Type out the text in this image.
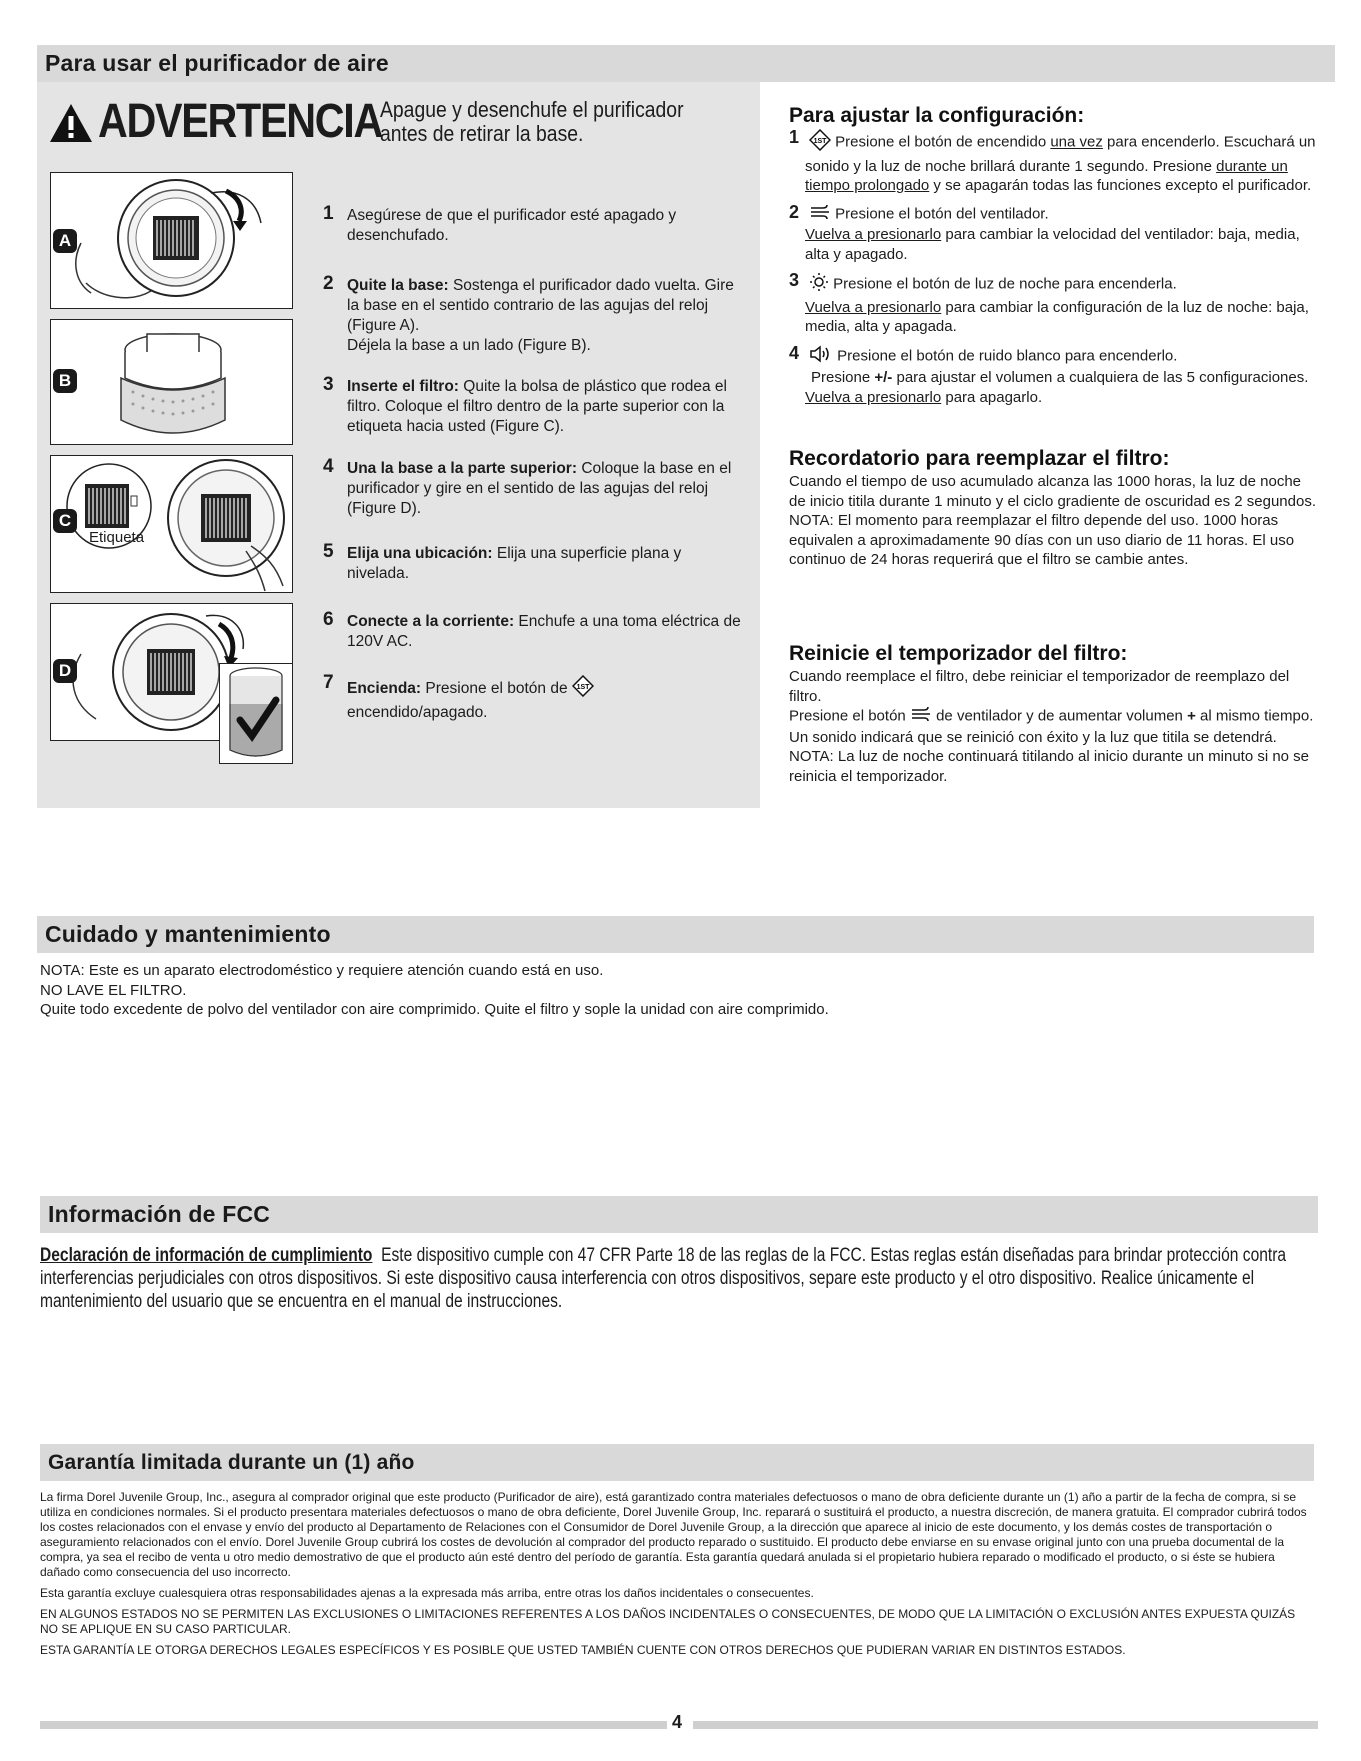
Para usar el purificador de aire
ADVERTENCIA
Apague y desenchufe el purificador antes de retirar la base.
A
B
C
Etiqueta
D
1 Asegúrese de que el purificador esté apagado y desenchufado.
2 Quite la base: Sostenga el purificador dado vuelta. Gire la base en el sentido contrario de las agujas del reloj (Figure A).
Déjela la base a un lado (Figure B).
3 Inserte el filtro: Quite la bolsa de plástico que rodea el filtro. Coloque el filtro dentro de la parte superior con la etiqueta hacia usted (Figure C).
4 Una la base a la parte superior: Coloque la base en el purificador y gire en el sentido de las agujas del reloj (Figure D).
5 Elija una ubicación: Elija una superficie plana y nivelada.
6 Conecte a la corriente: Enchufe a una toma eléctrica de 120V AC.
7 Encienda: Presione el botón de 1ST

encendido/apagado.
Para ajustar la configuración:
1 1ST Presione el botón de encendido una vez para encenderlo. Escuchará un sonido y la luz de noche brillará durante 1 segundo. Presione durante un tiempo prolongado y se apagarán todas las funciones excepto el purificador.
2 Presione el botón del ventilador.
Vuelva a presionarlo para cambiar la velocidad del ventilador: baja, media, alta y apagado.
3 Presione el botón de luz de noche para encenderla.
Vuelva a presionarlo para cambiar la configuración de la luz de noche: baja, media, alta y apagada.
4 Presione el botón de ruido blanco para encenderlo.
Presione +/- para ajustar el volumen a cualquiera de las 5 configuraciones. Vuelva a presionarlo para apagarlo.
Recordatorio para reemplazar el filtro:
Cuando el tiempo de uso acumulado alcanza las 1000 horas, la luz de noche de inicio titila durante 1 minuto y el ciclo gradiente de oscuridad es 2 segundos.
NOTA: El momento para reemplazar el filtro depende del uso. 1000 horas equivalen a aproximadamente 90 días con un uso diario de 11 horas. El uso continuo de 24 horas requerirá que el filtro se cambie antes.
Reinicie el temporizador del filtro:
Cuando reemplace el filtro, debe reiniciar el temporizador de reemplazo del filtro.
Presione el botón  de ventilador y de aumentar volumen + al mismo tiempo. Un sonido indicará que se reinició con éxito y la luz que titila se detendrá.
NOTA: La luz de noche continuará titilando al inicio durante un minuto si no se reinicia el temporizador.
Cuidado y mantenimiento
NOTA: Este es un aparato electrodoméstico y requiere atención cuando está en uso.
NO LAVE EL FILTRO.
Quite todo excedente de polvo del ventilador con aire comprimido. Quite el filtro y sople la unidad con aire comprimido.
Información de FCC
Declaración de información de cumplimiento Este dispositivo cumple con 47 CFR Parte 18 de las reglas de la FCC. Estas reglas están diseñadas para brindar protección contra interferencias perjudiciales con otros dispositivos. Si este dispositivo causa interferencia con otros dispositivos, separe este producto y el otro dispositivo. Realice únicamente el mantenimiento del usuario que se encuentra en el manual de instrucciones.
Garantía limitada durante un (1) año

La firma Dorel Juvenile Group, Inc., asegura al comprador original que este producto (Purificador de aire), está garantizado contra materiales defectuosos o mano de obra deficiente durante un (1) año a partir de la fecha de compra, si se utiliza en condiciones normales. Si el producto presentara materiales defectuosos o mano de obra deficiente, Dorel Juvenile Group, Inc. reparará o sustituirá el producto, a nuestra discreción, de manera gratuita. El comprador cubrirá todos los costes relacionados con el envase y envío del producto al Departamento de Relaciones con el Consumidor de Dorel Juvenile Group, a la dirección que aparece al inicio de este documento, y los demás costes de transportación o aseguramiento relacionados con el envío. Dorel Juvenile Group cubrirá los costes de devolución al comprador del producto reparado o sustituido. El producto debe enviarse en su envase original junto con una prueba documental de la compra, ya sea el recibo de venta u otro medio demostrativo de que el producto aún esté dentro del período de garantía. Esta garantía quedará anulada si el propietario hubiera reparado o modificado el producto, o si éste se hubiera dañado como consecuencia del uso incorrecto.

Esta garantía excluye cualesquiera otras responsabilidades ajenas a la expresada más arriba, entre otras los daños incidentales o consecuentes.

EN ALGUNOS ESTADOS NO SE PERMITEN LAS EXCLUSIONES O LIMITACIONES REFERENTES A LOS DAÑOS INCIDENTALES O CONSECUENTES, DE MODO QUE LA LIMITACIÓN O EXCLUSIÓN ANTES EXPUESTA QUIZÁS NO SE APLIQUE EN SU CASO PARTICULAR.

ESTA GARANTÍA LE OTORGA DERECHOS LEGALES ESPECÍFICOS Y ES POSIBLE QUE USTED TAMBIÉN CUENTE CON OTROS DERECHOS QUE PUDIERAN VARIAR EN DISTINTOS ESTADOS.

4
